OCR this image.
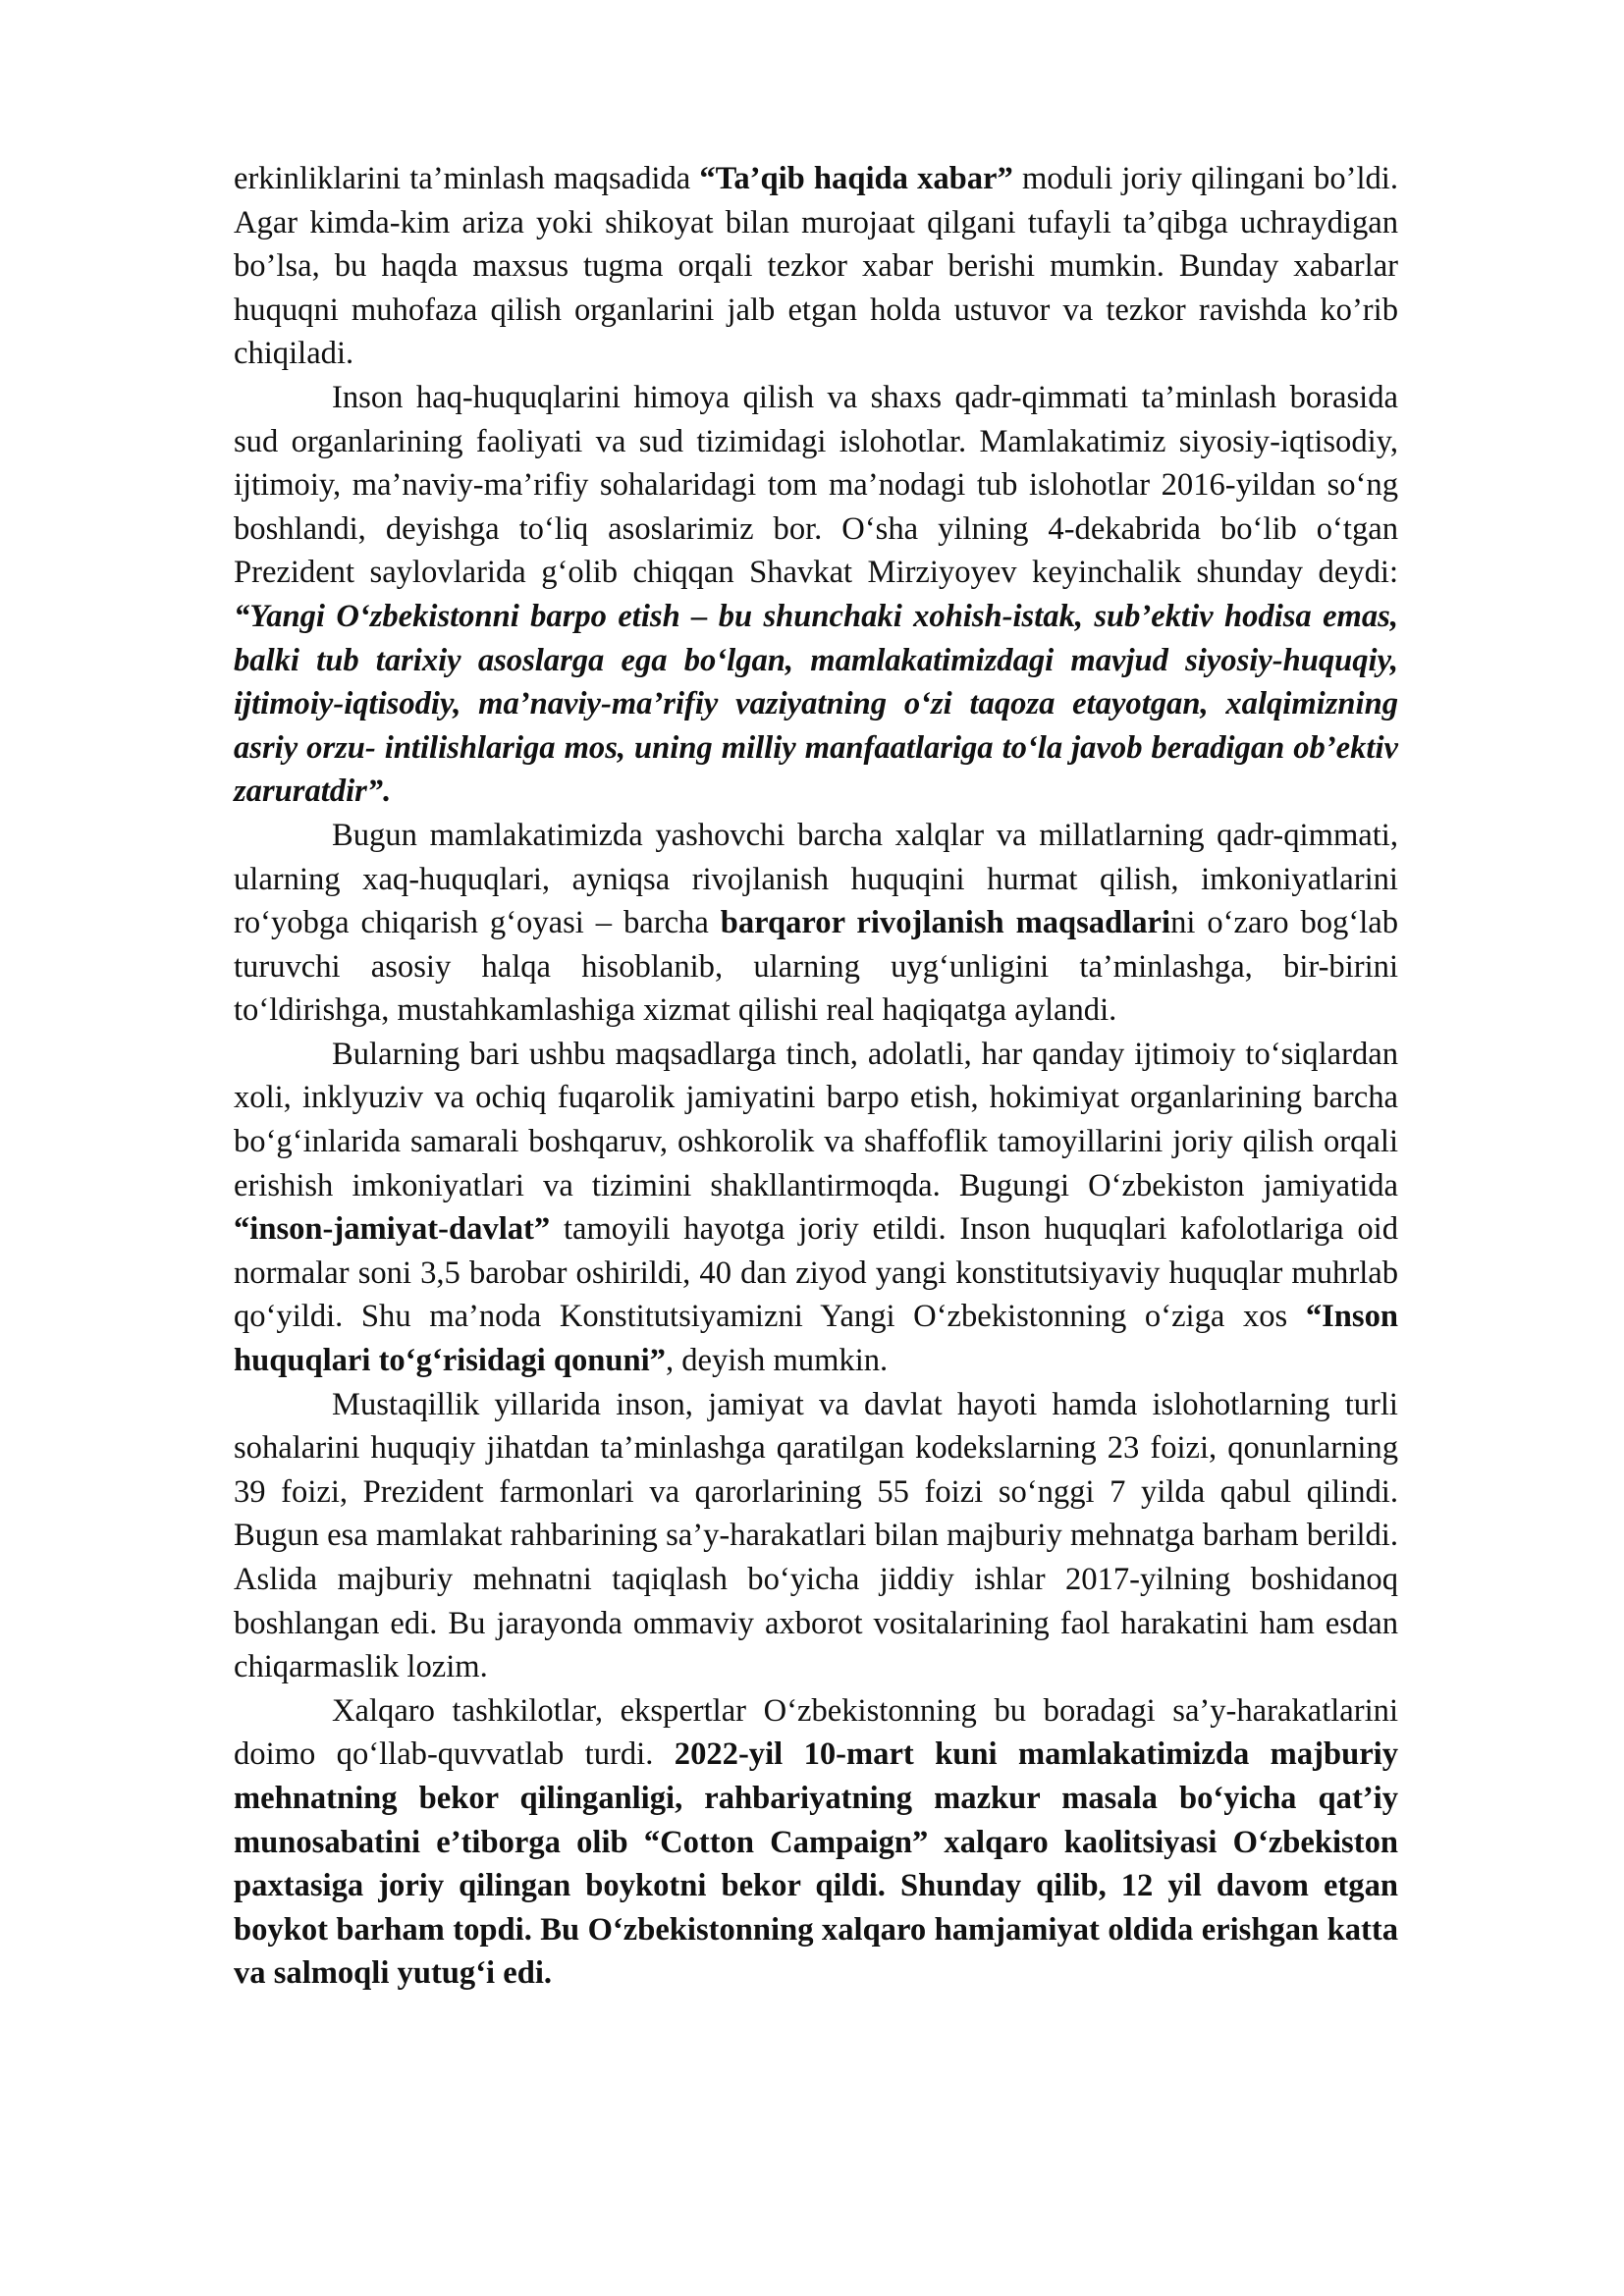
erkinliklarini ta’minlash maqsadida “Ta’qib haqida xabar” moduli joriy qilingani bo’ldi. Agar kimda-kim ariza yoki shikoyat bilan murojaat qilgani tufayli ta’qibga uchraydigan bo’lsa, bu haqda maxsus tugma orqali tezkor xabar berishi mumkin. Bunday xabarlar huquqni muhofaza qilish organlarini jalb etgan holda ustuvor va tezkor ravishda ko’rib chiqiladi.

Inson haq-huquqlarini himoya qilish va shaxs qadr-qimmati ta’minlash borasida sud organlarining faoliyati va sud tizimidagi islohotlar. Mamlakatimiz siyosiy-iqtisodiy, ijtimoiy, ma’naviy-ma’rifiy sohalaridagi tom ma’nodagi tub islohotlar 2016-yildan so‘ng boshlandi, deyishga to‘liq asoslarimiz bor. O‘sha yilning 4-dekabrida bo‘lib o‘tgan Prezident saylovlarida g‘olib chiqqan Shavkat Mirziyoyev keyinchalik shunday deydi: “Yangi O‘zbekistonni barpo etish – bu shunchaki xohish-istak, sub’ektiv hodisa emas, balki tub tarixiy asoslarga ega bo‘lgan, mamlakatimizdagi mavjud siyosiy-huquqiy, ijtimoiy-iqtisodiy, ma’naviy-ma’rifiy vaziyatning o‘zi taqoza etayotgan, xalqimizning asriy orzu- intilishlariga mos, uning milliy manfaatlariga to‘la javob beradigan ob’ektiv zaruratdir”.

Bugun mamlakatimizda yashovchi barcha xalqlar va millatlarning qadr-qimmati, ularning xaq-huquqlari, ayniqsa rivojlanish huquqini hurmat qilish, imkoniyatlarini ro‘yobga chiqarish g‘oyasi – barcha barqaror rivojlanish maqsadlarini o‘zaro bog‘lab turuvchi asosiy halqa hisoblanib, ularning uyg‘unligini ta’minlashga, bir-birini to‘ldirishga, mustahkamlashiga xizmat qilishi real haqiqatga aylandi.

Bularning bari ushbu maqsadlarga tinch, adolatli, har qanday ijtimoiy to‘siqlardan xoli, inklyuziv va ochiq fuqarolik jamiyatini barpo etish, hokimiyat organlarining barcha bo‘g‘inlarida samarali boshqaruv, oshkorolik va shaffoflik tamoyillarini joriy qilish orqali erishish imkoniyatlari va tizimini shakllantirmoqda. Bugungi O‘zbekiston jamiyatida “inson-jamiyat-davlat” tamoyili hayotga joriy etildi. Inson huquqlari kafolotlariga oid normalar soni 3,5 barobar oshirildi, 40 dan ziyod yangi konstitutsiyaviy huquqlar muhrlab qo‘yildi. Shu ma’noda Konstitutsiyamizni Yangi O‘zbekistonning o‘ziga xos “Inson huquqlari to‘g‘risidagi qonuni”, deyish mumkin.

Mustaqillik yillarida inson, jamiyat va davlat hayoti hamda islohotlarning turli sohalarini huquqiy jihatdan ta’minlashga qaratilgan kodekslarning 23 foizi, qonunlarning 39 foizi, Prezident farmonlari va qarorlarining 55 foizi so‘nggi 7 yilda qabul qilindi. Bugun esa mamlakat rahbarining sa’y-harakatlari bilan majburiy mehnatga barham berildi. Aslida majburiy mehnatni taqiqlash bo‘yicha jiddiy ishlar 2017-yilning boshidanoq boshlangan edi. Bu jarayonda ommaviy axborot vositalarining faol harakatini ham esdan chiqarmaslik lozim.

Xalqaro tashkilotlar, ekspertlar O‘zbekistonning bu boradagi sa’y-harakatlarini doimo qo‘llab-quvvatlab turdi. 2022-yil 10-mart kuni mamlakatimizda majburiy mehnatning bekor qilinganligi, rahbariyatning mazkur masala bo‘yicha qat’iy munosabatini e’tiborga olib “Cotton Campaign” xalqaro kaolitsiyasi O‘zbekiston paxtasiga joriy qilingan boykotni bekor qildi. Shunday qilib, 12 yil davom etgan boykot barham topdi. Bu O‘zbekistonning xalqaro hamjamiyat oldida erishgan katta va salmoqli yutug‘i edi.
